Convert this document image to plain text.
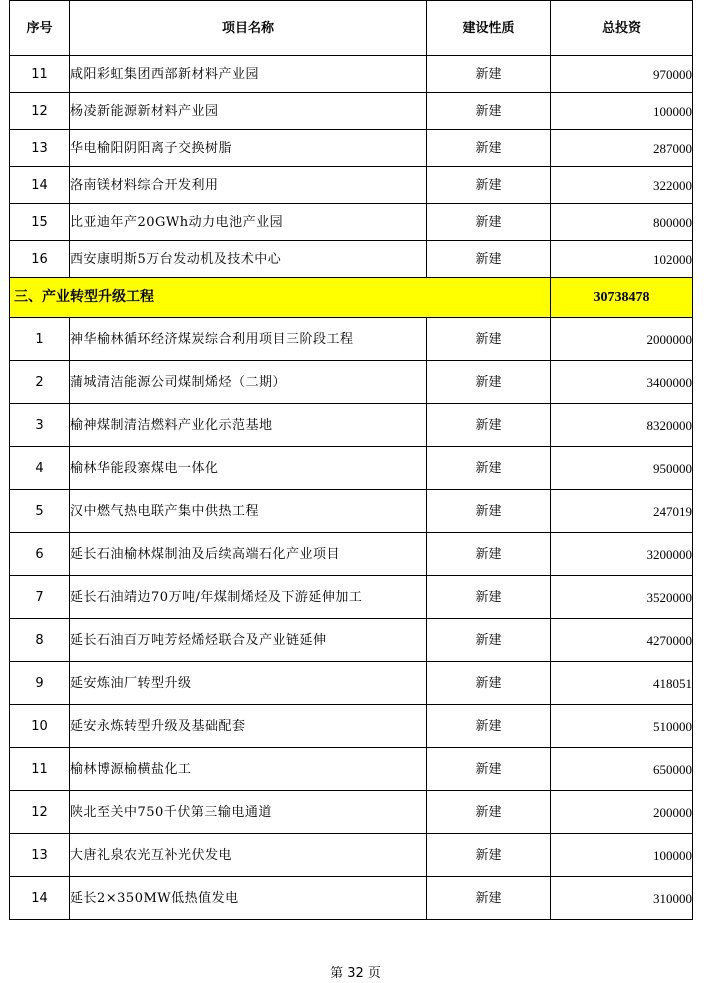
序号	项目名称	建设性质	总投资
11	咸阳彩虹集团西部新材料产业园	新建	970000
12	杨凌新能源新材料产业园	新建	100000
13	华电榆阳阴阳离子交换树脂	新建	287000
14	洛南镁材料综合开发利用	新建	322000
15	比亚迪年产20GWh动力电池产业园	新建	800000
16	西安康明斯5万台发动机及技术中心	新建	102000
三、产业转型升级工程			30738478
1	神华榆林循环经济煤炭综合利用项目三阶段工程	新建	2000000
2	蒲城清洁能源公司煤制烯烃（二期）	新建	3400000
3	榆神煤制清洁燃料产业化示范基地	新建	8320000
4	榆林华能段寨煤电一体化	新建	950000
5	汉中燃气热电联产集中供热工程	新建	247019
6	延长石油榆林煤制油及后续高端石化产业项目	新建	3200000
7	延长石油靖边70万吨/年煤制烯烃及下游延伸加工	新建	3520000
8	延长石油百万吨芳烃烯烃联合及产业链延伸	新建	4270000
9	延安炼油厂转型升级	新建	418051
10	延安永炼转型升级及基础配套	新建	510000
11	榆林博源榆横盐化工	新建	650000
12	陕北至关中750千伏第三输电通道	新建	200000
13	大唐礼泉农光互补光伏发电	新建	100000
14	延长2×350MW低热值发电	新建	310000
第 32 页
